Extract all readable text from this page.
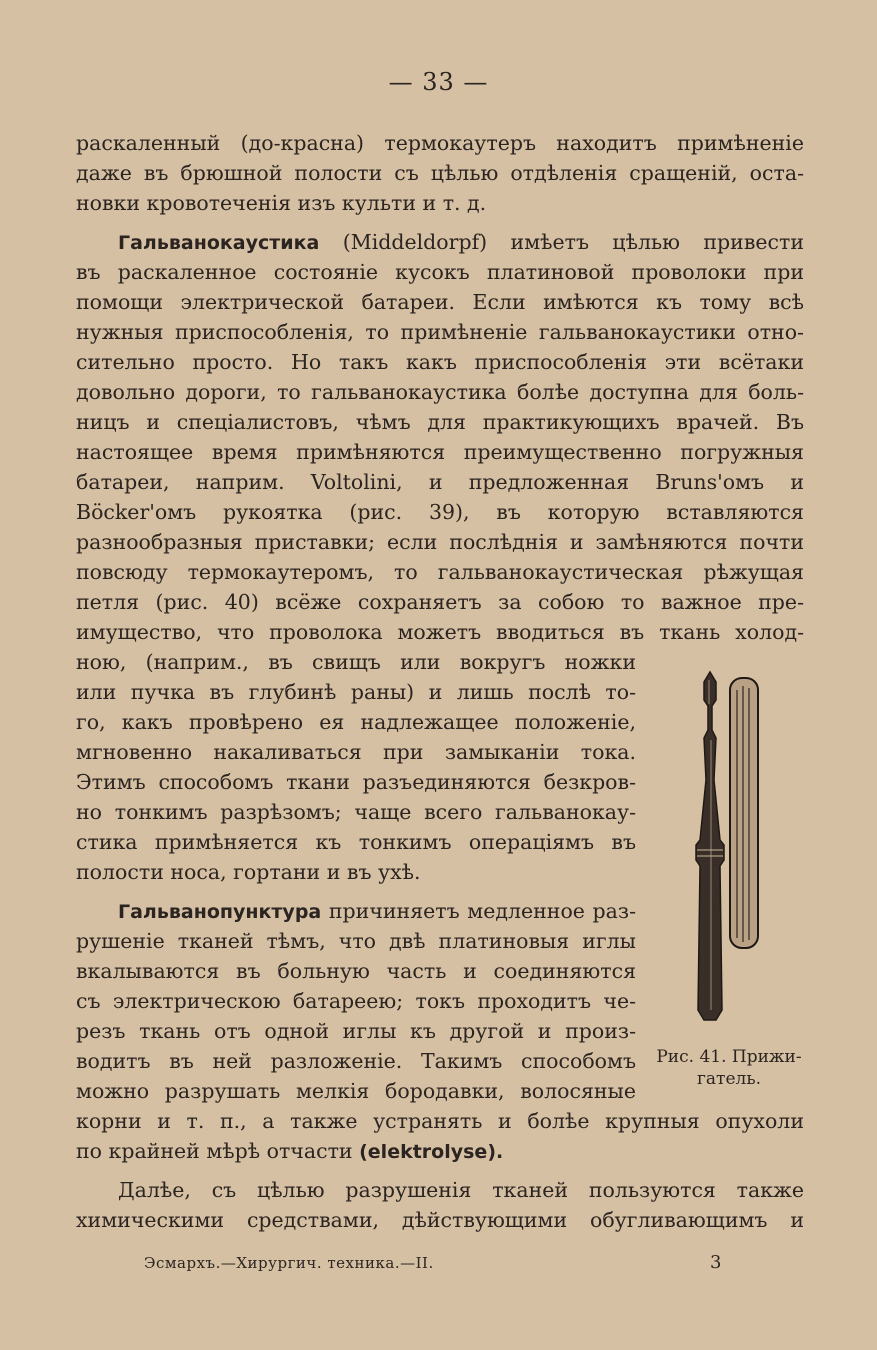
— 33 —
раскаленный (до-красна) термокаутеръ находитъ примѣненіе
даже въ брюшной полости съ цѣлью отдѣленія сращеній, оста-
новки кровотеченія изъ культи и т. д.
Гальванокаустика (Middeldorpf) имѣетъ цѣлью привести
въ раскаленное состояніе кусокъ платиновой проволоки при
помощи электрической батареи. Если имѣются къ тому всѣ
нужныя приспособленія, то примѣненіе гальванокаустики отно-
сительно просто. Но такъ какъ приспособленія эти всётаки
довольно дороги, то гальванокаустика болѣе доступна для боль-
ницъ и спеціалистовъ, чѣмъ для практикующихъ врачей. Въ
настоящее время примѣняются преимущественно погружныя
батареи, наприм. Voltolini, и предложенная Bruns'омъ и
Böcker'омъ рукоятка (рис. 39), въ которую вставляются
разнообразныя приставки; если послѣднія и замѣняются почти
повсюду термокаутеромъ, то гальванокаустическая рѣжущая
петля (рис. 40) всёже сохраняетъ за собою то важное пре-
имущество, что проволока можетъ вводиться въ ткань холод-
ною, (наприм., въ свищъ или вокругъ ножки
или пучка въ глубинѣ раны) и лишь послѣ то-
го, какъ провѣрено ея надлежащее положеніе,
мгновенно накаливаться при замыканіи тока.
Этимъ способомъ ткани разъединяются безкров-
но тонкимъ разрѣзомъ; чаще всего гальванокау-
стика примѣняется къ тонкимъ операціямъ въ
полости носа, гортани и въ ухѣ.
Гальванопунктура причиняетъ медленное раз-
рушеніе тканей тѣмъ, что двѣ платиновыя иглы
вкалываются въ больную часть и соединяются
съ электрическою батареею; токъ проходитъ че-
резъ ткань отъ одной иглы къ другой и произ-
водитъ въ ней разложеніе. Такимъ способомъ
можно разрушать мелкія бородавки, волосяные
корни и т. п., а также устранять и болѣе крупныя опухоли
по крайней мѣрѣ отчасти (elektrolyse).
Далѣе, съ цѣлью разрушенія тканей пользуются также
химическими средствами, дѣйствующими обугливающимъ и
Рис. 41. Прижи-гатель.
Эсмархъ.—Хирургич. техника.—II.	3
